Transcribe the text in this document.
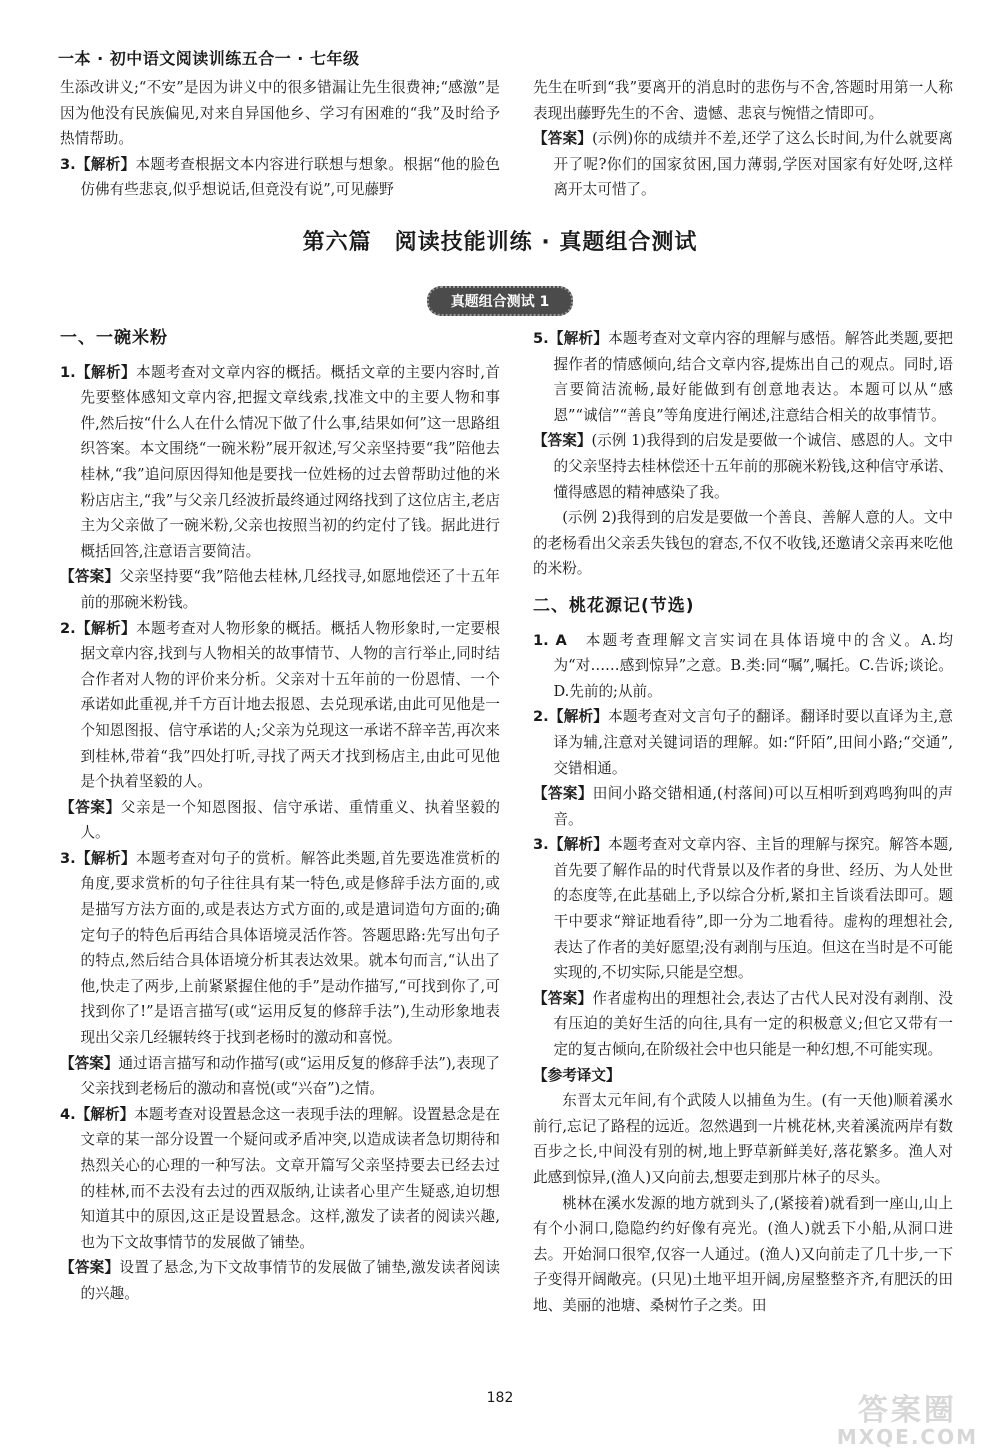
一本 · 初中语文阅读训练五合一 · 七年级

生添改讲义;“不安”是因为讲义中的很多错漏让先生很费神;“感激”是因为他没有民族偏见,对来自异国他乡、学习有困难的“我”及时给予热情帮助。

3.【解析】本题考查根据文本内容进行联想与想象。根据“他的脸色仿佛有些悲哀,似乎想说话,但竟没有说”,可见藤野

先生在听到“我”要离开的消息时的悲伤与不舍,答题时用第一人称表现出藤野先生的不舍、遗憾、悲哀与惋惜之情即可。

【答案】(示例)你的成绩并不差,还学了这么长时间,为什么就要离开了呢?你们的国家贫困,国力薄弱,学医对国家有好处呀,这样离开太可惜了。

第六篇　阅读技能训练 · 真题组合测试
真题组合测试 1

一、一碗米粉

1.【解析】本题考查对文章内容的概括。概括文章的主要内容时,首先要整体感知文章内容,把握文章线索,找准文中的主要人物和事件,然后按“什么人在什么情况下做了什么事,结果如何”这一思路组织答案。本文围绕“一碗米粉”展开叙述,写父亲坚持要“我”陪他去桂林,“我”追问原因得知他是要找一位姓杨的过去曾帮助过他的米粉店店主,“我”与父亲几经波折最终通过网络找到了这位店主,老店主为父亲做了一碗米粉,父亲也按照当初的约定付了钱。据此进行概括回答,注意语言要简洁。

【答案】父亲坚持要“我”陪他去桂林,几经找寻,如愿地偿还了十五年前的那碗米粉钱。

2.【解析】本题考查对人物形象的概括。概括人物形象时,一定要根据文章内容,找到与人物相关的故事情节、人物的言行举止,同时结合作者对人物的评价来分析。父亲对十五年前的一份恩情、一个承诺如此重视,并千方百计地去报恩、去兑现承诺,由此可见他是一个知恩图报、信守承诺的人;父亲为兑现这一承诺不辞辛苦,再次来到桂林,带着“我”四处打听,寻找了两天才找到杨店主,由此可见他是个执着坚毅的人。

【答案】父亲是一个知恩图报、信守承诺、重情重义、执着坚毅的人。

3.【解析】本题考查对句子的赏析。解答此类题,首先要选准赏析的角度,要求赏析的句子往往具有某一特色,或是修辞手法方面的,或是描写方法方面的,或是表达方式方面的,或是遣词造句方面的;确定句子的特色后再结合具体语境灵活作答。答题思路:先写出句子的特点,然后结合具体语境分析其表达效果。就本句而言,“认出了他,快走了两步,上前紧紧握住他的手”是动作描写,“可找到你了,可找到你了!”是语言描写(或“运用反复的修辞手法”),生动形象地表现出父亲几经辗转终于找到老杨时的激动和喜悦。

【答案】通过语言描写和动作描写(或“运用反复的修辞手法”),表现了父亲找到老杨后的激动和喜悦(或“兴奋”)之情。

4.【解析】本题考查对设置悬念这一表现手法的理解。设置悬念是在文章的某一部分设置一个疑问或矛盾冲突,以造成读者急切期待和热烈关心的心理的一种写法。文章开篇写父亲坚持要去已经去过的桂林,而不去没有去过的西双版纳,让读者心里产生疑惑,迫切想知道其中的原因,这正是设置悬念。这样,激发了读者的阅读兴趣,也为下文故事情节的发展做了铺垫。

【答案】设置了悬念,为下文故事情节的发展做了铺垫,激发读者阅读的兴趣。

5.【解析】本题考查对文章内容的理解与感悟。解答此类题,要把握作者的情感倾向,结合文章内容,提炼出自己的观点。同时,语言要简洁流畅,最好能做到有创意地表达。本题可以从“感恩”“诚信”“善良”等角度进行阐述,注意结合相关的故事情节。

【答案】(示例 1)我得到的启发是要做一个诚信、感恩的人。文中的父亲坚持去桂林偿还十五年前的那碗米粉钱,这种信守承诺、懂得感恩的精神感染了我。

(示例 2)我得到的启发是要做一个善良、善解人意的人。文中的老杨看出父亲丢失钱包的窘态,不仅不收钱,还邀请父亲再来吃他的米粉。

二、桃花源记(节选)

1. A　 本题考查理解文言实词在具体语境中的含义。A.均为“对……感到惊异”之意。B.类:同“嘱”,嘱托。C.告诉;谈论。D.先前的;从前。

2.【解析】本题考查对文言句子的翻译。翻译时要以直译为主,意译为辅,注意对关键词语的理解。如:“阡陌”,田间小路;“交通”,交错相通。

【答案】田间小路交错相通,(村落间)可以互相听到鸡鸣狗叫的声音。

3.【解析】本题考查对文章内容、主旨的理解与探究。解答本题,首先要了解作品的时代背景以及作者的身世、经历、为人处世的态度等,在此基础上,予以综合分析,紧扣主旨谈看法即可。题干中要求“辩证地看待”,即一分为二地看待。虚构的理想社会,表达了作者的美好愿望;没有剥削与压迫。但这在当时是不可能实现的,不切实际,只能是空想。

【答案】作者虚构出的理想社会,表达了古代人民对没有剥削、没有压迫的美好生活的向往,具有一定的积极意义;但它又带有一定的复古倾向,在阶级社会中也只能是一种幻想,不可能实现。

【参考译文】

东晋太元年间,有个武陵人以捕鱼为生。(有一天他)顺着溪水前行,忘记了路程的远近。忽然遇到一片桃花林,夹着溪流两岸有数百步之长,中间没有别的树,地上野草新鲜美好,落花繁多。渔人对此感到惊异,(渔人)又向前去,想要走到那片林子的尽头。

桃林在溪水发源的地方就到头了,(紧接着)就看到一座山,山上有个小洞口,隐隐约约好像有亮光。(渔人)就丢下小船,从洞口进去。开始洞口很窄,仅容一人通过。(渔人)又向前走了几十步,一下子变得开阔敞亮。(只见)土地平坦开阔,房屋整整齐齐,有肥沃的田地、美丽的池塘、桑树竹子之类。田

182	答案圈
MXQE.COM
